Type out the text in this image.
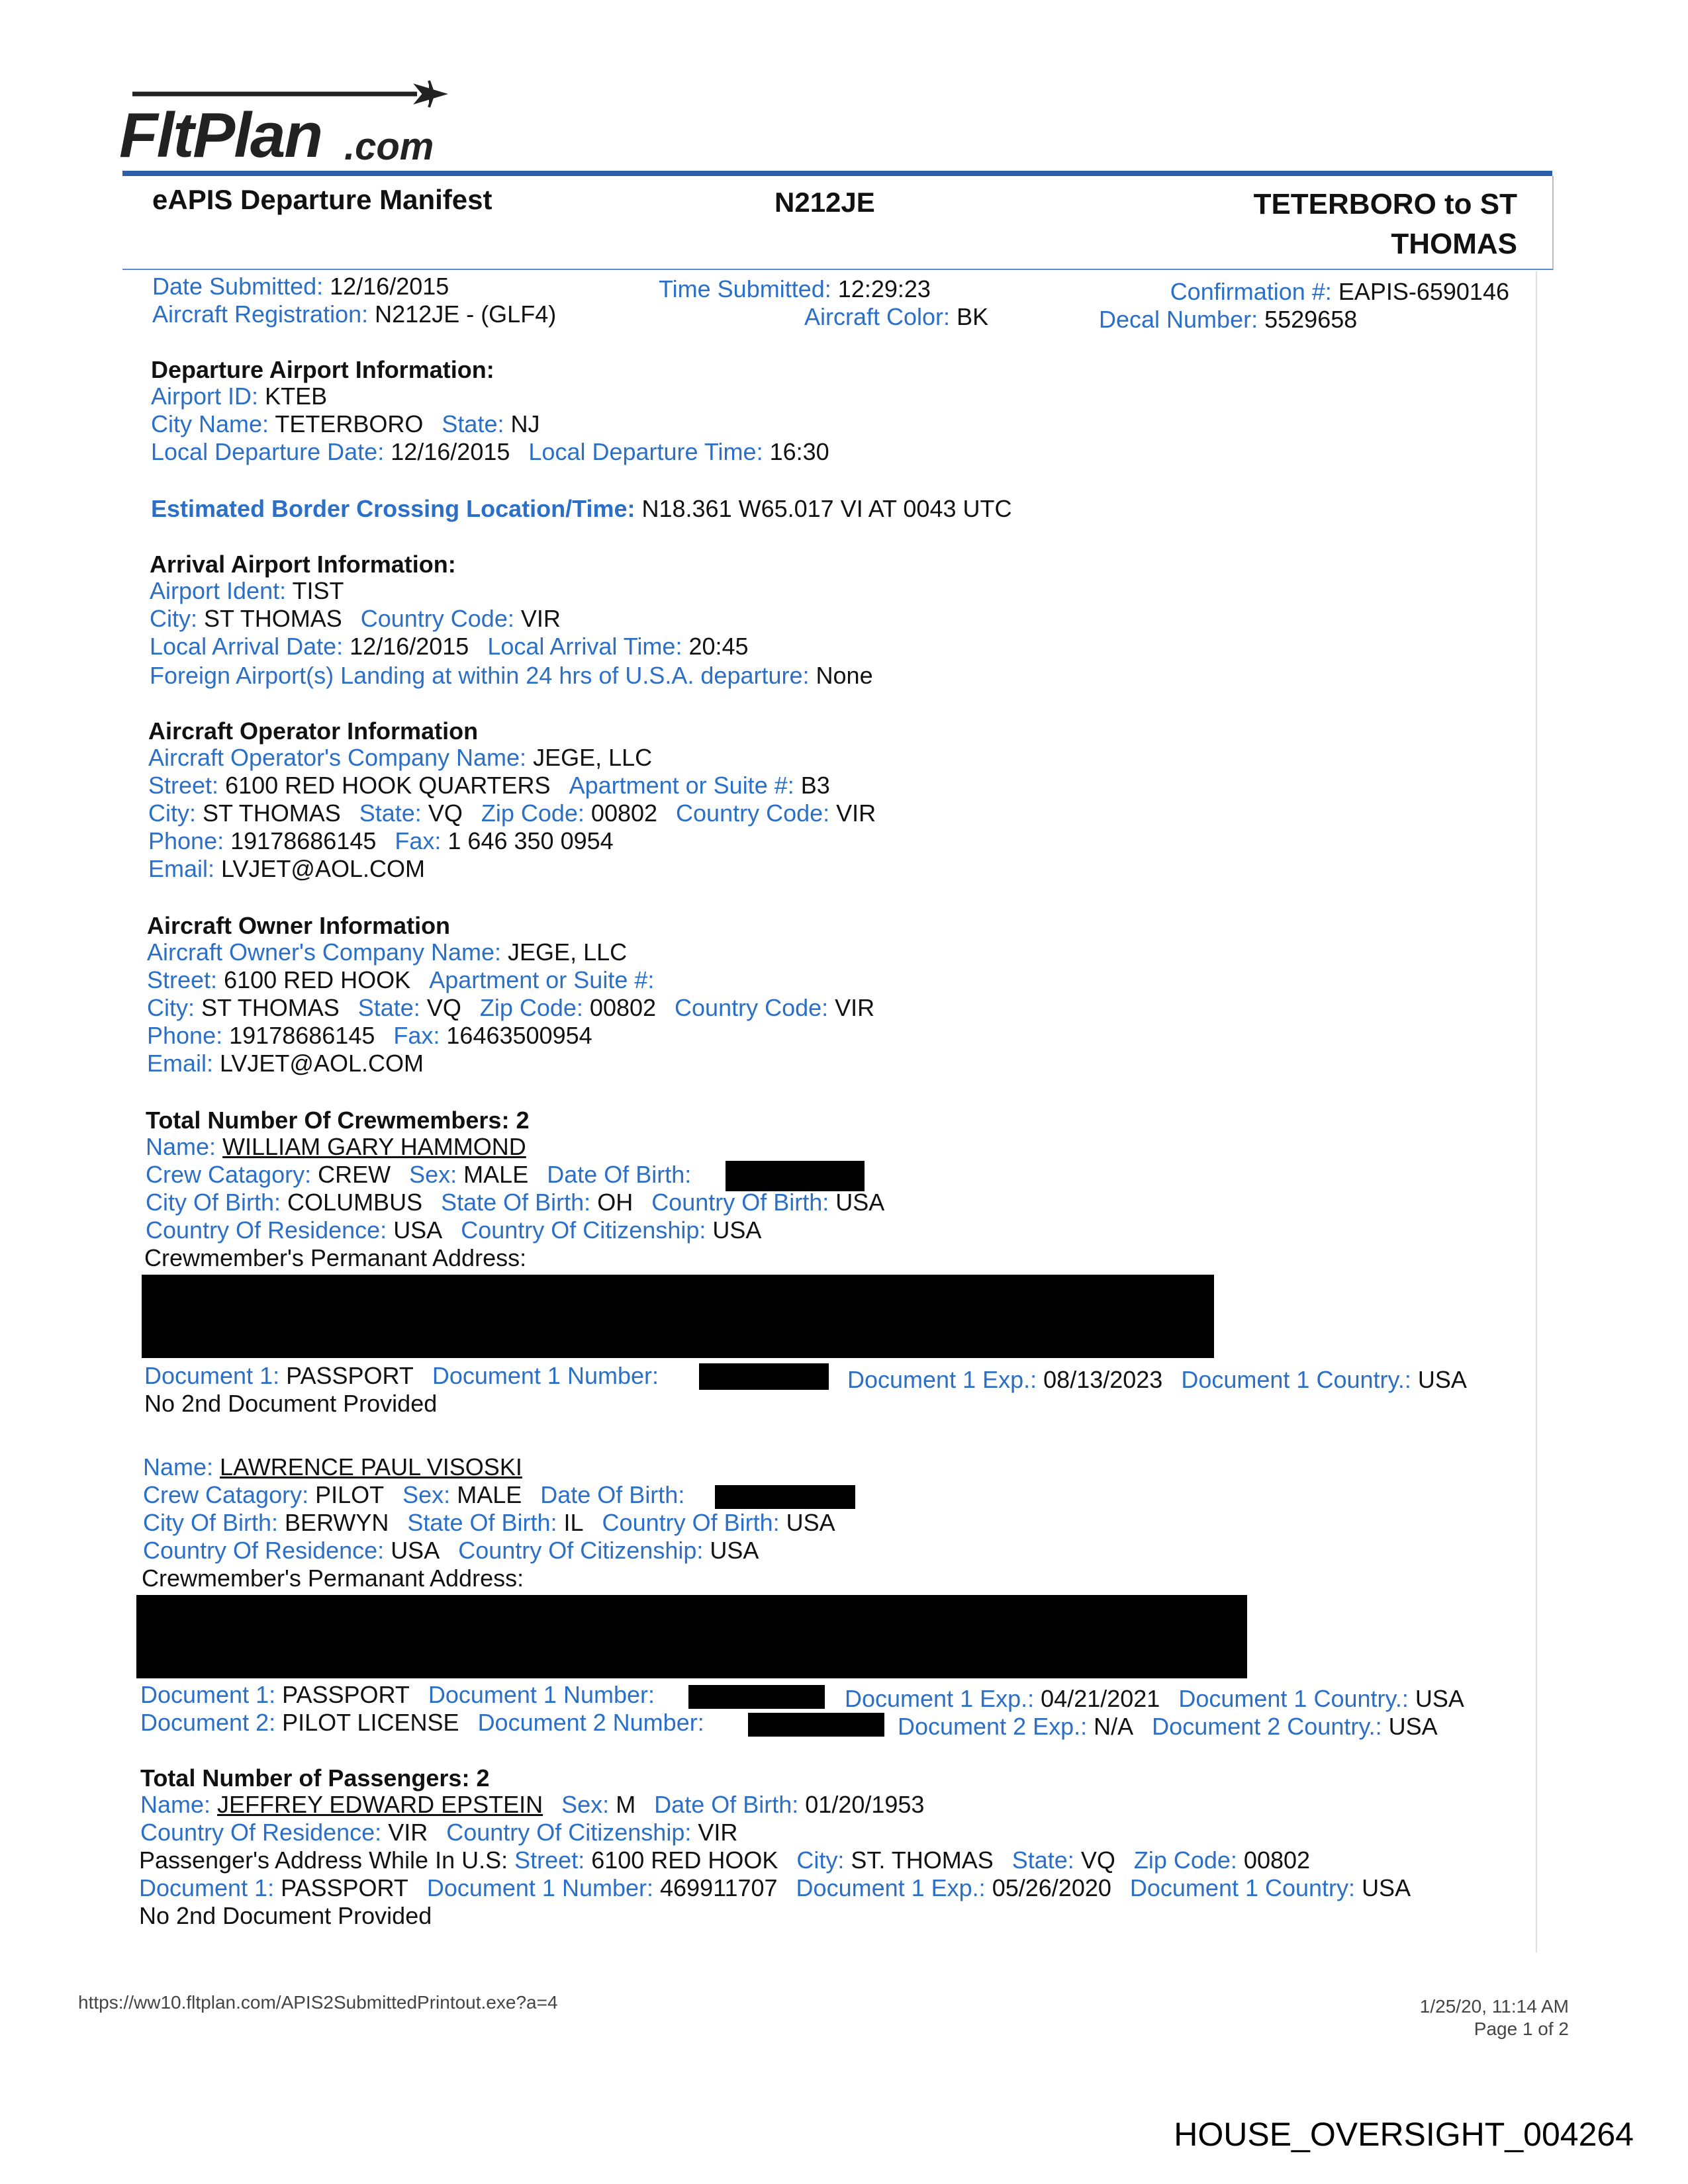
FltPlan .com
eAPIS Departure Manifest	N212JE	TETERBORO to ST
THOMAS
Date Submitted: 12/16/2015	Time Submitted: 12:29:23	Confirmation #: EAPIS-6590146
Aircraft Registration: N212JE - (GLF4)	Aircraft Color: BK	Decal Number: 5529658
Departure Airport Information:
Airport ID: KTEB
City Name: TETERBORO State: NJ
Local Departure Date: 12/16/2015 Local Departure Time: 16:30
Estimated Border Crossing Location/Time: N18.361 W65.017 VI AT 0043 UTC
Arrival Airport Information:
Airport Ident: TIST
City: ST THOMAS Country Code: VIR
Local Arrival Date: 12/16/2015 Local Arrival Time: 20:45
Foreign Airport(s) Landing at within 24 hrs of U.S.A. departure: None
Aircraft Operator Information
Aircraft Operator's Company Name: JEGE, LLC
Street: 6100 RED HOOK QUARTERS Apartment or Suite #: B3
City: ST THOMAS State: VQ Zip Code: 00802 Country Code: VIR
Phone: 19178686145 Fax: 1 646 350 0954
Email: LVJET@AOL.COM
Aircraft Owner Information
Aircraft Owner's Company Name: JEGE, LLC
Street: 6100 RED HOOK Apartment or Suite #:
City: ST THOMAS State: VQ Zip Code: 00802 Country Code: VIR
Phone: 19178686145 Fax: 16463500954
Email: LVJET@AOL.COM
Total Number Of Crewmembers: 2
Name: WILLIAM GARY HAMMOND
Crew Catagory: CREW Sex: MALE Date Of Birth:
City Of Birth: COLUMBUS State Of Birth: OH Country Of Birth: USA
Country Of Residence: USA Country Of Citizenship: USA
Crewmember's Permanant Address:
Document 1: PASSPORT Document 1 Number:	Document 1 Exp.: 08/13/2023 Document 1 Country.: USA
No 2nd Document Provided
Name: LAWRENCE PAUL VISOSKI
Crew Catagory: PILOT Sex: MALE Date Of Birth:
City Of Birth: BERWYN State Of Birth: IL Country Of Birth: USA
Country Of Residence: USA Country Of Citizenship: USA
Crewmember's Permanant Address:
Document 1: PASSPORT Document 1 Number:	Document 1 Exp.: 04/21/2021 Document 1 Country.: USA
Document 2: PILOT LICENSE Document 2 Number:	Document 2 Exp.: N/A Document 2 Country.: USA
Total Number of Passengers: 2
Name: JEFFREY EDWARD EPSTEIN Sex: M Date Of Birth: 01/20/1953
Country Of Residence: VIR Country Of Citizenship: VIR
Passenger's Address While In U.S: Street: 6100 RED HOOK City: ST. THOMAS State: VQ Zip Code: 00802
Document 1: PASSPORT Document 1 Number: 469911707 Document 1 Exp.: 05/26/2020 Document 1 Country: USA
No 2nd Document Provided
https://ww10.fltplan.com/APIS2SubmittedPrintout.exe?a=4	1/25/20, 11:14 AM
Page 1 of 2
HOUSE_OVERSIGHT_004264
